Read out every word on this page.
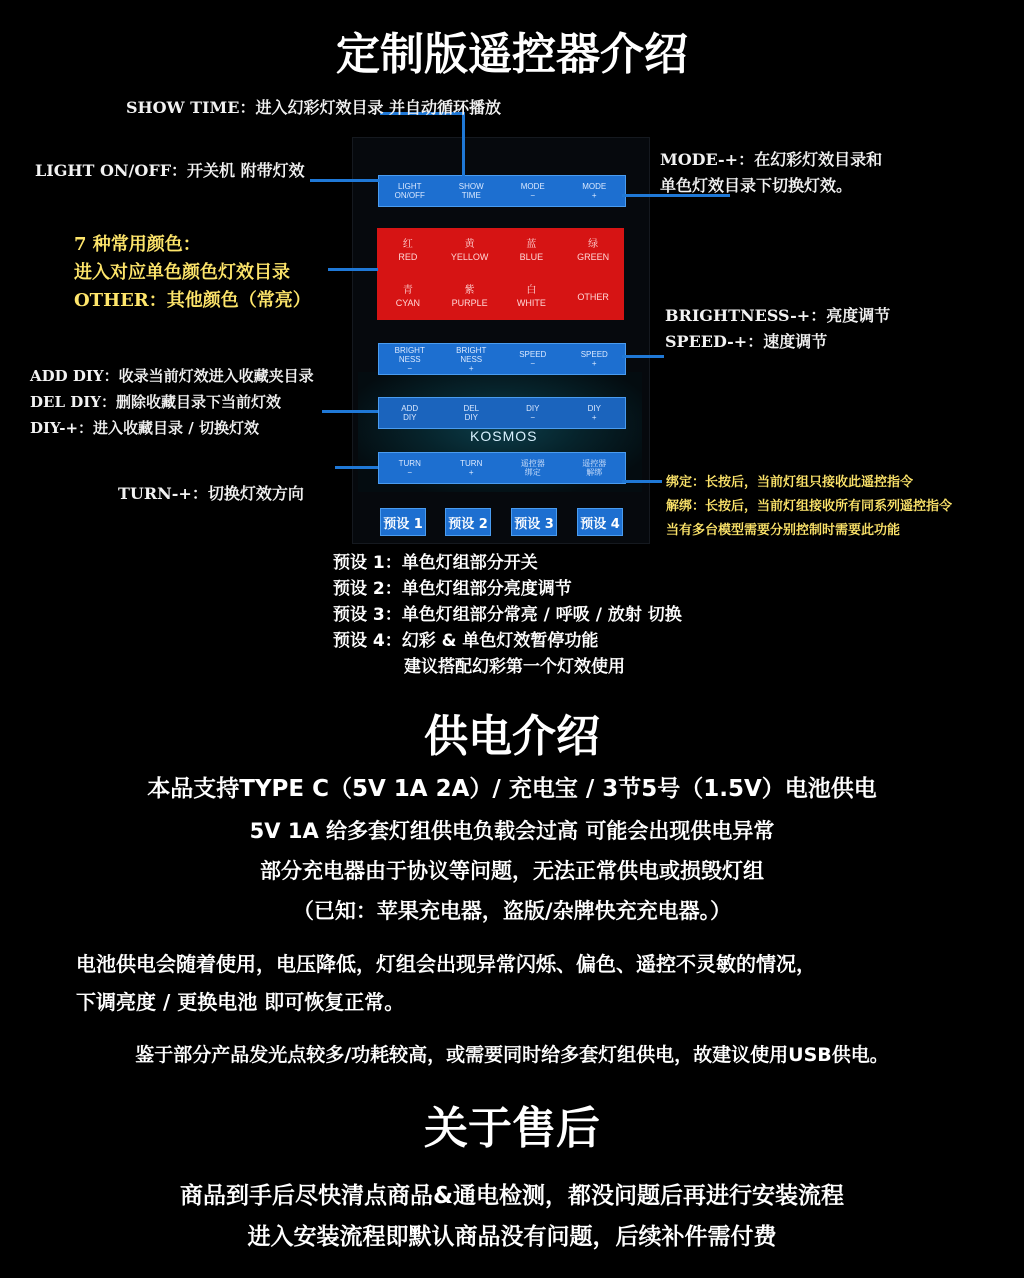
定制版遥控器介绍
LIGHT
ON/OFF
SHOW
TIME
MODE
−
MODE
+
红
RED
黄
YELLOW
蓝
BLUE
绿
GREEN
青
CYAN
紫
PURPLE
白
WHITE
OTHER
BRIGHT
NESS
−
BRIGHT
NESS
+
SPEED
−
SPEED
+
ADD
DIY
DEL
DIY
DIY
−
DIY
+
KOSMOS
TURN
−
TURN
+
遥控器
绑定
遥控器
解绑
预设 1 预设 2 预设 3 预设 4
SHOW TIME：进入幻彩灯效目录 并自动循环播放
LIGHT ON/OFF：开关机 附带灯效
MODE-+：在幻彩灯效目录和
单色灯效目录下切换灯效。
7 种常用颜色：
进入对应单色颜色灯效目录
OTHER：其他颜色（常亮）
BRIGHTNESS-+：亮度调节
SPEED-+：速度调节
ADD DIY：收录当前灯效进入收藏夹目录
DEL DIY：删除收藏目录下当前灯效
DIY-+：进入收藏目录 / 切换灯效
TURN-+：切换灯效方向
绑定：长按后，当前灯组只接收此遥控指令
解绑：长按后，当前灯组接收所有同系列遥控指令
当有多台模型需要分别控制时需要此功能
预设 1：单色灯组部分开关
预设 2：单色灯组部分亮度调节
预设 3：单色灯组部分常亮 / 呼吸 / 放射 切换
预设 4：幻彩 & 单色灯效暂停功能
建议搭配幻彩第一个灯效使用
供电介绍
本品支持TYPE C（5V 1A 2A）/ 充电宝 / 3节5号（1.5V）电池供电
5V 1A 给多套灯组供电负载会过高 可能会出现供电异常
部分充电器由于协议等问题，无法正常供电或损毁灯组
（已知：苹果充电器，盗版/杂牌快充充电器。）
电池供电会随着使用，电压降低，灯组会出现异常闪烁、偏色、遥控不灵敏的情况，
下调亮度 / 更换电池 即可恢复正常。
鉴于部分产品发光点较多/功耗较高，或需要同时给多套灯组供电，故建议使用USB供电。
关于售后
商品到手后尽快清点商品&通电检测，都没问题后再进行安装流程
进入安装流程即默认商品没有问题，后续补件需付费
